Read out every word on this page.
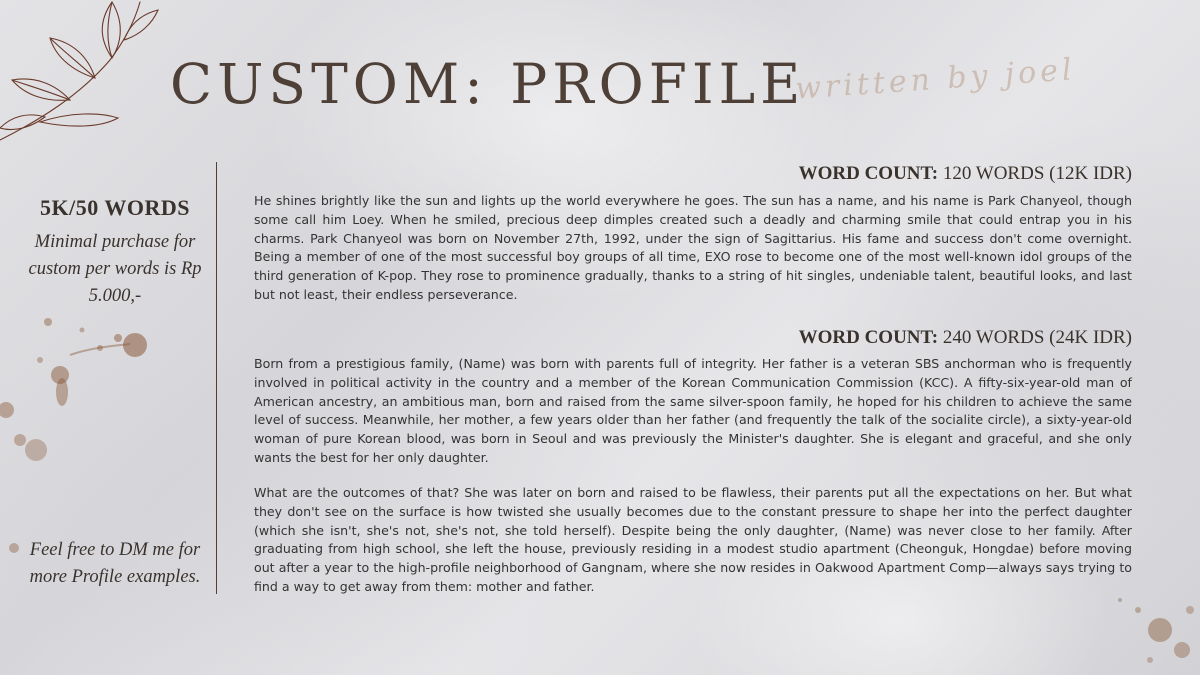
CUSTOM: PROFILE
written by joel
5K/50 WORDS
Minimal purchase for custom per words is Rp 5.000,-
Feel free to DM me for more Profile examples.
WORD COUNT: 120 WORDS (12K IDR)

He shines brightly like the sun and lights up the world everywhere he goes. The sun has a name, and his name is Park Chanyeol, though some call him Loey. When he smiled, precious deep dimples created such a deadly and charming smile that could entrap you in his charms. Park Chanyeol was born on November 27th, 1992, under the sign of Sagittarius. His fame and success don't come overnight. Being a member of one of the most successful boy groups of all time, EXO rose to become one of the most well-known idol groups of the third generation of K-pop. They rose to prominence gradually, thanks to a string of hit singles, undeniable talent, beautiful looks, and last but not least, their endless perseverance.

WORD COUNT: 240 WORDS (24K IDR)

Born from a prestigious family, (Name) was born with parents full of integrity. Her father is a veteran SBS anchorman who is frequently involved in political activity in the country and a member of the Korean Communication Commission (KCC). A fifty-six-year-old man of American ancestry, an ambitious man, born and raised from the same silver-spoon family, he hoped for his children to achieve the same level of success. Meanwhile, her mother, a few years older than her father (and frequently the talk of the socialite circle), a sixty-year-old woman of pure Korean blood, was born in Seoul and was previously the Minister's daughter. She is elegant and graceful, and she only wants the best for her only daughter.

What are the outcomes of that? She was later on born and raised to be flawless, their parents put all the expectations on her. But what they don't see on the surface is how twisted she usually becomes due to the constant pressure to shape her into the perfect daughter (which she isn't, she's not, she's not, she told herself). Despite being the only daughter, (Name) was never close to her family. After graduating from high school, she left the house, previously residing in a modest studio apartment (Cheonguk, Hongdae) before moving out after a year to the high-profile neighborhood of Gangnam, where she now resides in Oakwood Apartment Comp—always says trying to find a way to get away from them: mother and father.
